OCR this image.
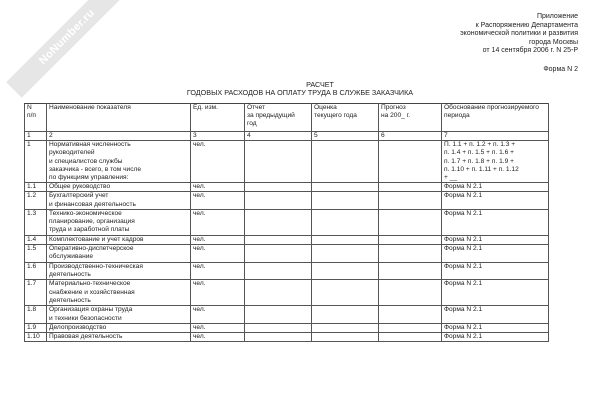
NoNumber.ru	Приложение
к Распоряжению Департамента
экономической политики и развития
города Москвы
от 14 сентября 2006 г. N 25-Р
Форма N 2
РАСЧЕТ
ГОДОВЫХ РАСХОДОВ НА ОПЛАТУ ТРУДА В СЛУЖБЕ ЗАКАЗЧИКА
N
п/п	Наименование показателя	Ед. изм.	Отчет
за предыдущий
год	Оценка
текущего года	Прогноз
на 200_ г.	Обоснование прогнозируемого
периода
1	2	3	4	5	6	7
1	Нормативная численность
руководителей
и специалистов службы
заказчика - всего, в том числе
по функциям управления:	чел.				П. 1.1 + п. 1.2 + п. 1.3 +
п. 1.4 + п. 1.5 + п. 1.6 +
п. 1.7 + п. 1.8 + п. 1.9 +
п. 1.10 + п. 1.11 + п. 1.12
+ __
1.1	Общее руководство	чел.				Форма N 2.1
1.2	Бухгалтерский учет
и финансовая деятельность	чел.				Форма N 2.1
1.3	Технико-экономическое
планирование, организация
труда и заработной платы	чел.				Форма N 2.1
1.4	Комплектование и учет кадров	чел.				Форма N 2.1
1.5	Оперативно-диспетчерское
обслуживание	чел.				Форма N 2.1
1.6	Производственно-техническая
деятельность	чел.				Форма N 2.1
1.7	Материально-техническое
снабжение и хозяйственная
деятельность	чел.				Форма N 2.1
1.8	Организация охраны труда
и техники безопасности	чел.				Форма N 2.1
1.9	Делопроизводство	чел.				Форма N 2.1
1.10	Правовая деятельность	чел.				Форма N 2.1
